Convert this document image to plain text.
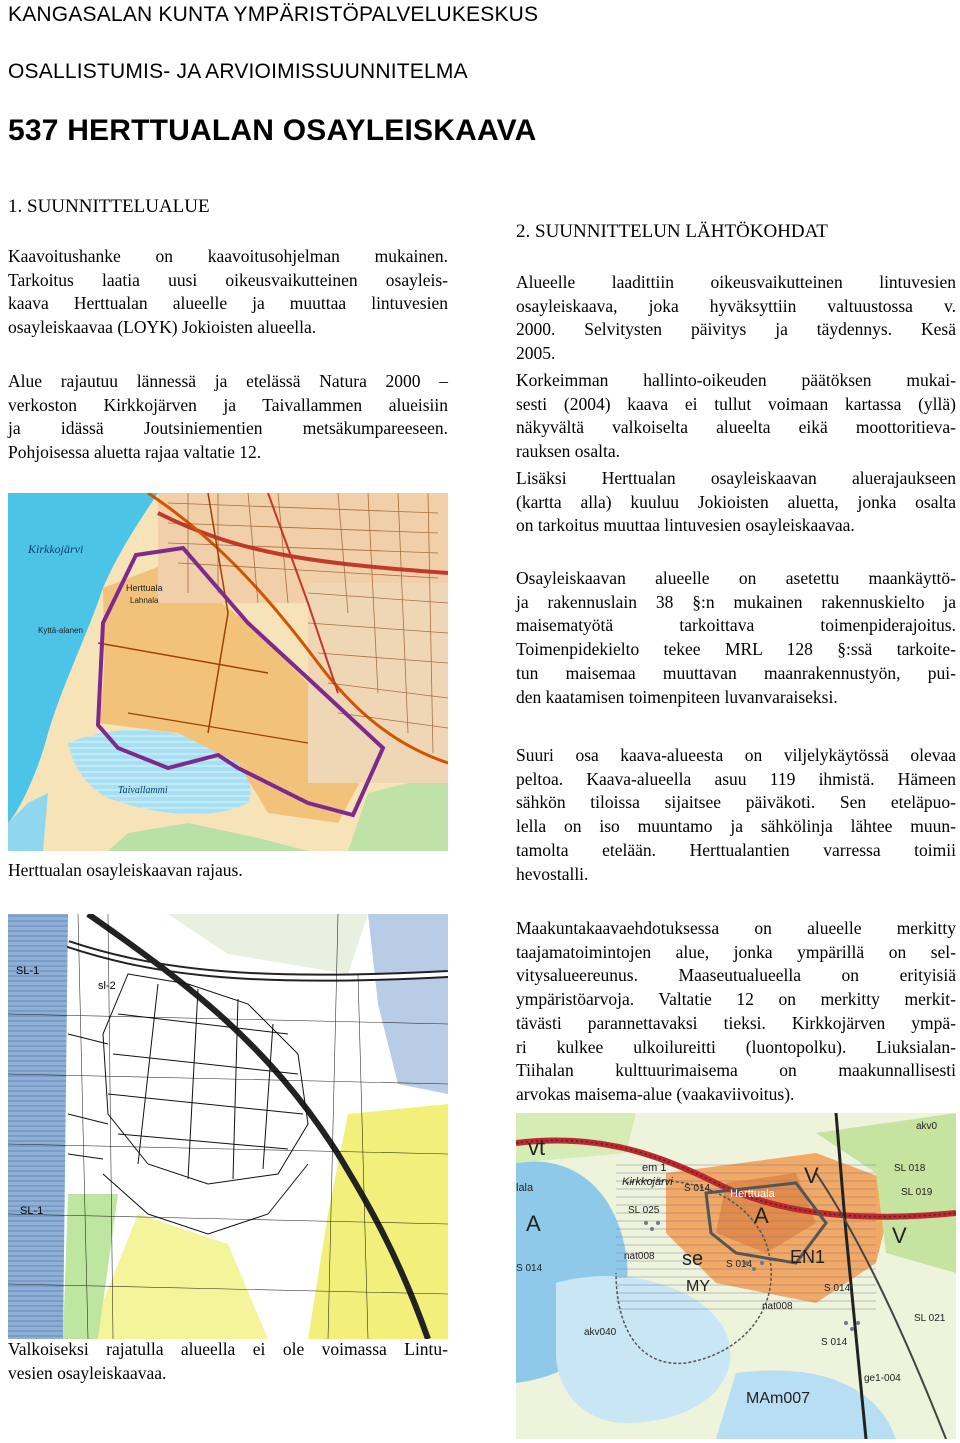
KANGASALAN KUNTA YMPÄRISTÖPALVELUKESKUS
OSALLISTUMIS- JA ARVIOIMISSUUNNITELMA
537 HERTTUALAN OSAYLEISKAAVA
1. SUUNNITTELUALUE

Kaavoitushanke on kaavoitusohjelman mukainen.
Tarkoitus laatia uusi oikeusvaikutteinen osayleis-
kaava Herttualan alueelle ja muuttaa lintuvesien
osayleiskaavaa (LOYK) Jokioisten alueella.

Alue rajautuu lännessä ja etelässä Natura 2000 –
verkoston Kirkkojärven ja Taivallammen alueisiin
ja idässä Joutsiniementien metsäkumpareeseen.
Pohjoisessa aluetta rajaa valtatie 12.

Herttuala
Lahnala
Kyttä-alanen
Kirkkojärvi
Taivallammi
Herttualan osayleiskaavan rajaus.
SL-1
sl-2
SL-1

Valkoiseksi rajatulla alueella ei ole voimassa Lintu-
vesien osayleiskaavaa.

2. SUUNNITTELUN LÄHTÖKOHDAT

Alueelle laadittiin oikeusvaikutteinen lintuvesien
osayleiskaava, joka hyväksyttiin valtuustossa v.
2000. Selvitysten päivitys ja täydennys. Kesä
2005.

Korkeimman hallinto-oikeuden päätöksen mukai-
sesti (2004) kaava ei tullut voimaan kartassa (yllä)
näkyvältä valkoiselta alueelta eikä moottoritieva-
rauksen osalta.

Lisäksi Herttualan osayleiskaavan aluerajaukseen
(kartta alla) kuuluu Jokioisten aluetta, jonka osalta
on tarkoitus muuttaa lintuvesien osayleiskaavaa.

Osayleiskaavan alueelle on asetettu maankäyttö-
ja rakennuslain 38 §:n mukainen rakennuskielto ja
maisematyötä tarkoittava toimenpiderajoitus.
Toimenpidekielto tekee MRL 128 §:ssä tarkoite-
tun maisemaa muuttavan maanrakennustyön, pui-
den kaatamisen toimenpiteen luvanvaraiseksi.

Suuri osa kaava-alueesta on viljelykäytössä olevaa
peltoa. Kaava-alueella asuu 119 ihmistä. Hämeen
sähkön tiloissa sijaitsee päiväkoti. Sen eteläpuo-
lella on iso muuntamo ja sähkölinja lähtee muun-
tamolta etelään. Herttualantien varressa toimii
hevostalli.

Maakuntakaavaehdotuksessa on alueelle merkitty
taajamatoimintojen alue, jonka ympärillä on sel-
vitysalueereunus. Maaseutualueella on erityisiä
ympäristöarvoja. Valtatie 12 on merkitty merkit-
tävästi parannettavaksi tieksi. Kirkkojärven ympä-
ri kulkee ulkoilureitti (luontopolku). Liuksialan-
Tiihalan kulttuurimaisema on maakunnallisesti
arvokas maisema-alue (vaakaviivoitus).

vt
akv0
SL 018
SL 019
em 1
Kirkkojärvi
S 014 Herttuala
V
V
lala
SL 025
A	A
S 014
nat008 se S 014 EN1
MY	S 014
nat008
SL 021
akv040
S 014
ge1-004
MAm007
